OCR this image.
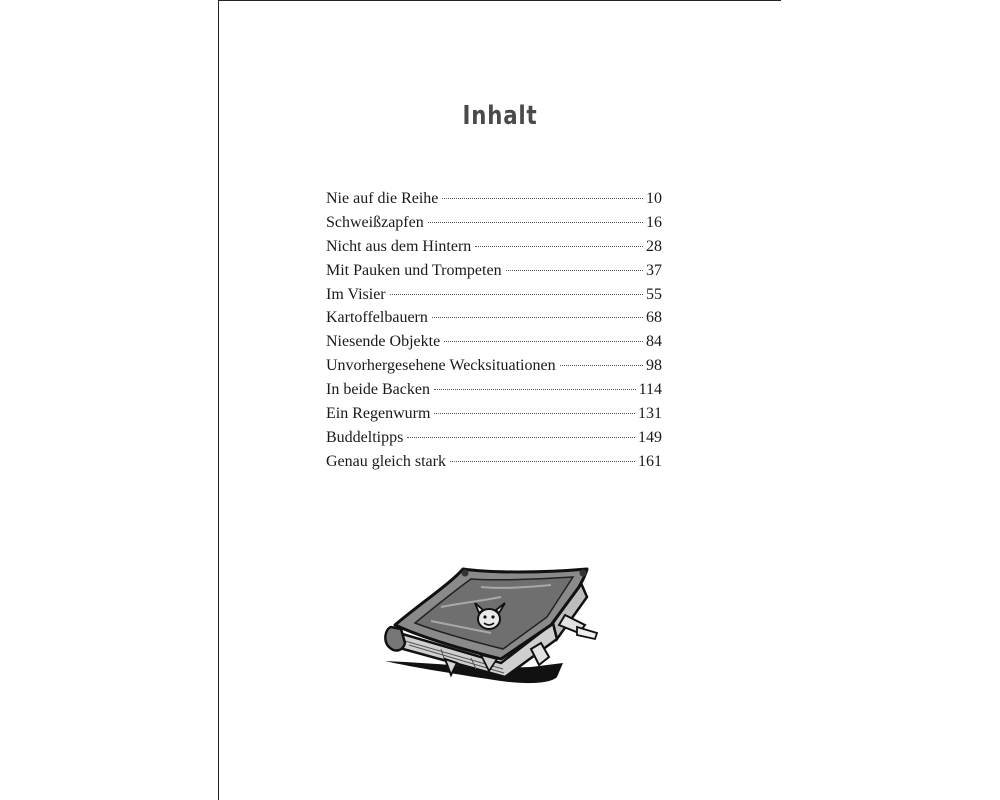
Inhalt
Nie auf die Reihe	10
Schweißzapfen	16
Nicht aus dem Hintern	28
Mit Pauken und Trompeten	37
Im Visier	55
Kartoffelbauern	68
Niesende Objekte	84
Unvorhergesehene Wecksituationen	98
In beide Backen	114
Ein Regenwurm	131
Buddeltipps	149
Genau gleich stark	161
